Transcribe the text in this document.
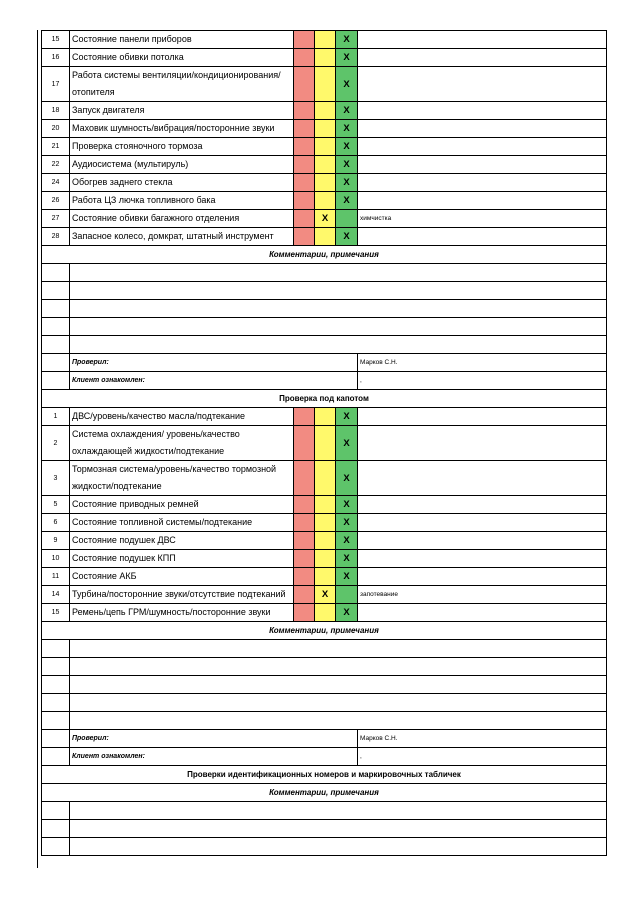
15	Состояние панели приборов			X	
16	Состояние обивки потолка			X	
17	Работа системы вентиляции/кондиционирования/ отопителя			X	
18	Запуск двигателя			X	
20	Маховик шумность/вибрация/посторонние звуки			X	
21	Проверка стояночного тормоза			X	
22	Аудиосистема (мультируль)			X	
24	Обогрев заднего стекла			X	
26	Работа ЦЗ лючка топливного бака			X	
27	Состояние обивки багажного отделения		X		химчистка
28	Запасное колесо, домкрат, штатный инструмент			X	
Комментарии, примечания					

	Проверил:				Марков С.Н.
	Клиент ознакомлен:				,
Проверка под капотом					
1	ДВС/уровень/качество масла/подтекание			X	
2	Система охлаждения/ уровень/качество охлаждающей жидкости/подтекание			X	
3	Тормозная система/уровень/качество тормозной жидкости/подтекание			X	
5	Состояние приводных ремней			X	
6	Состояние топливной системы/подтекание			X	
9	Состояние подушек ДВС			X	
10	Состояние подушек КПП			X	
11	Состояние АКБ			X	
14	Турбина/посторонние звуки/отсутствие подтеканий		X		запотевание
15	Ремень/цепь ГРМ/шумность/посторонние звуки			X	
Комментарии, примечания					

	Проверил:				Марков С.Н.
	Клиент ознакомлен:				,
Проверки идентификационных номеров и маркировочных табличек					
Комментарии, примечания					
